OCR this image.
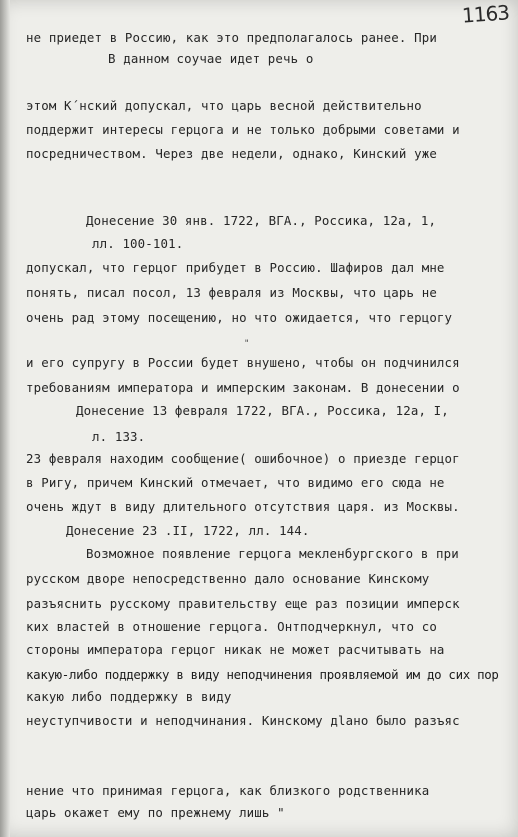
1163
не приедет в Россию, как это предполагалось ранее. При
В данном соучае идет речь о
этом К´нский допускал, что царь весной действительно
поддержит интересы герцога и не только добрыми советами и
посредничеством. Через две недели, однако, Кинский уже
Донесение 30 янв. 1722, ВГА., Россика, 12а, 1,
лл. 100-101.
допускал, что герцог прибудет в Россию. Шафиров дал мне
понять, писал посол, 13 февраля из Москвы, что царь не
очень рад этому посещению, но что ожидается, что герцогу
"
и его супругу в России будет внушено, чтобы он подчинился
требованиям императора и имперским законам. В донесении о
Донесение 13 февраля 1722, ВГА., Россика, 12а, I,
л. 133.
23 февраля находим сообщение( ошибочное) о приезде герцог
в Ригу, причем Кинский отмечает, что видимо его сюда не
очень ждут в виду длительного отсутствия царя. из Москвы.
Донесение 23 .II, 1722, лл. 144.
Возможное появление герцога мекленбургского в при
русском дворе непосредственно дало основание Кинскому
разъяснить русскому правительству еще раз позиции имперск
ких властей в отношение герцога. Онтподчеркнул, что со
стороны императора герцог никак не может расчитывать на
какую-либо поддержку в виду неподчинения проявляемой им до сих пор
какую либо поддержку в виду
неуступчивости и неподчинания. Кинскому дlано было разъяс
нение что принимая герцога, как близкого родственника
царь окажет ему по прежнему лишь "
